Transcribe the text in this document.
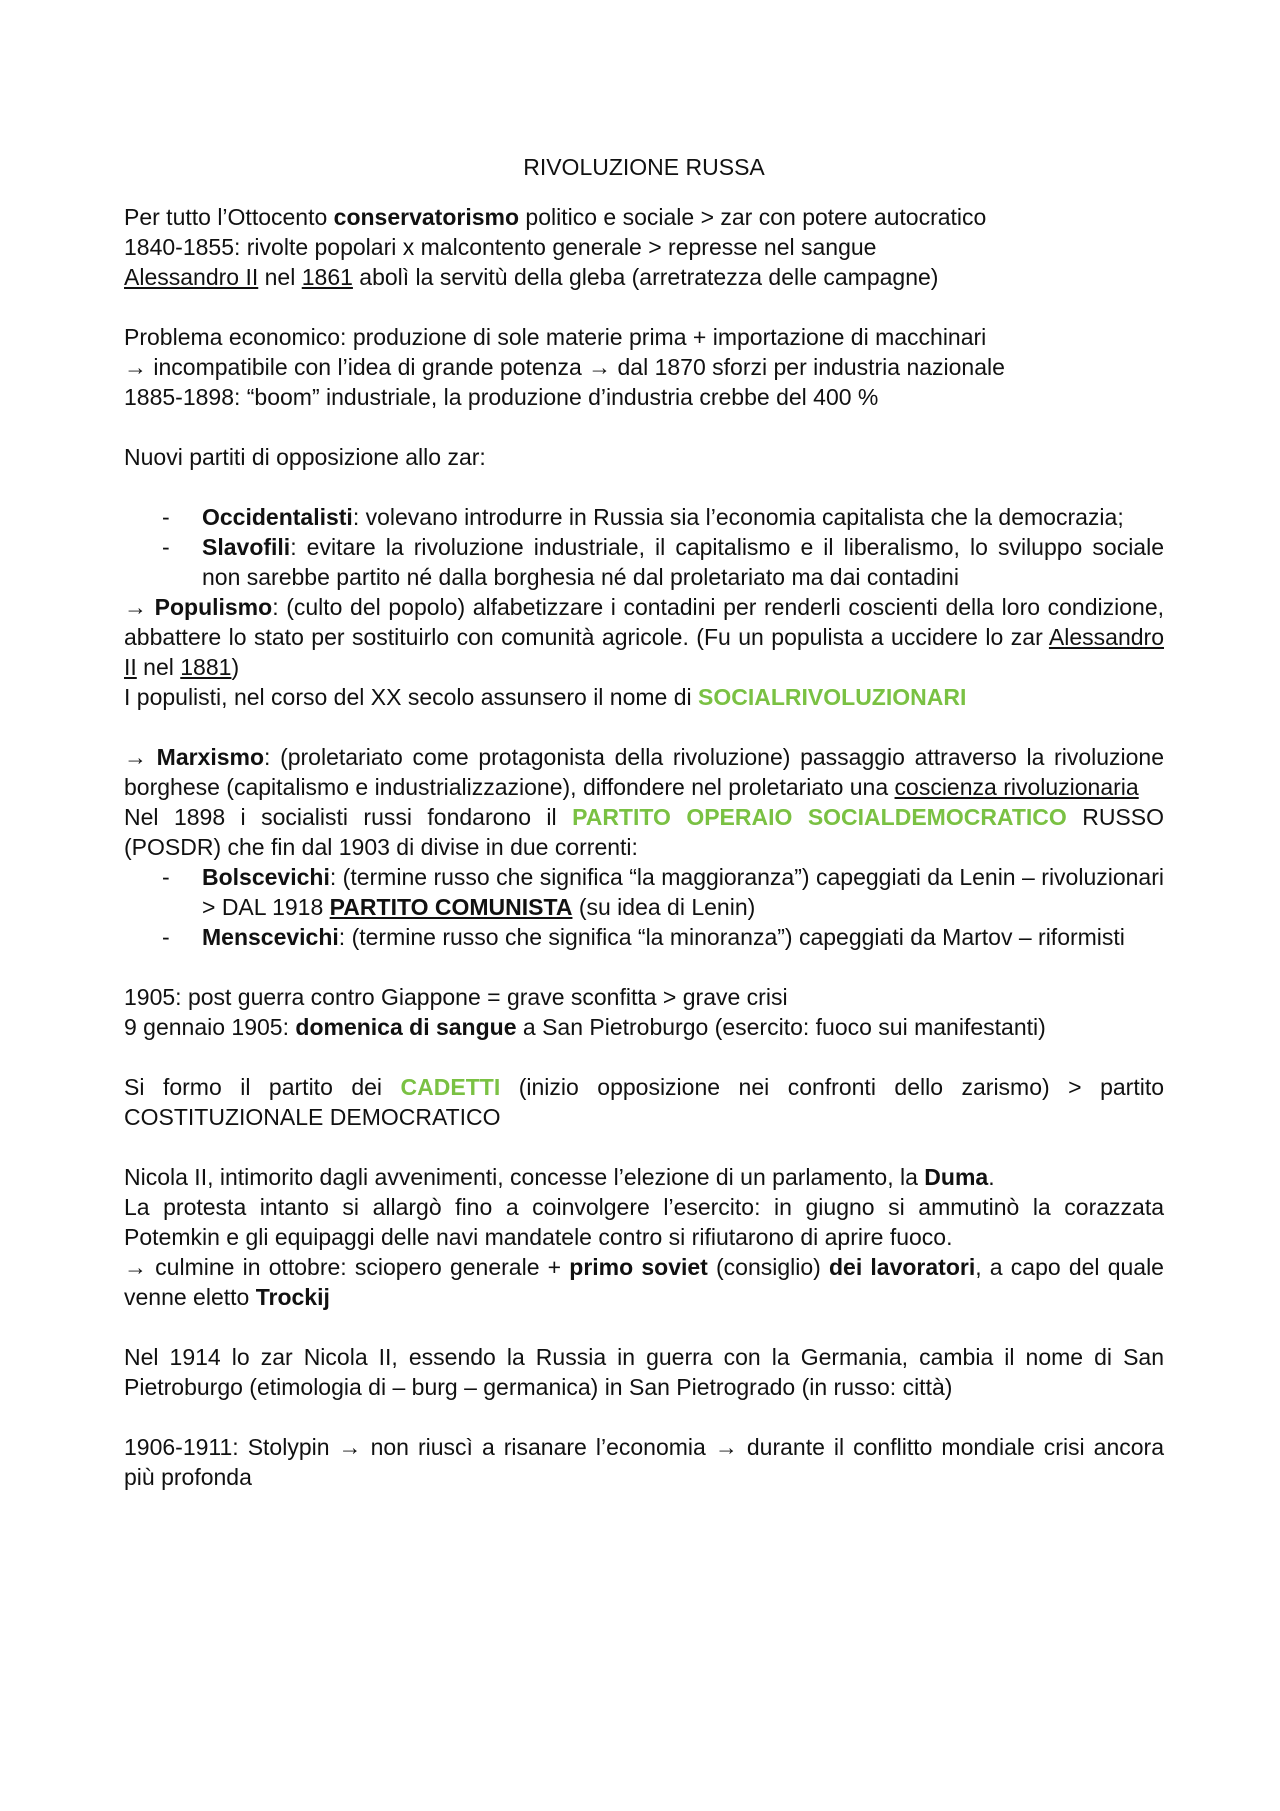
RIVOLUZIONE RUSSA

Per tutto l’Ottocento conservatorismo politico e sociale > zar con potere autocratico

1840-1855: rivolte popolari x malcontento generale > represse nel sangue

Alessandro II nel 1861 abolì la servitù della gleba (arretratezza delle campagne)

Problema economico: produzione di sole materie prima + importazione di macchinari

→ incompatibile con l’idea di grande potenza → dal 1870 sforzi per industria nazionale

1885-1898: “boom” industriale, la produzione d’industria crebbe del 400 %

Nuovi partiti di opposizione allo zar:

- Occidentalisti: volevano introdurre in Russia sia l’economia capitalista che la democrazia;
- Slavofili: evitare la rivoluzione industriale, il capitalismo e il liberalismo, lo sviluppo sociale non sarebbe partito né dalla borghesia né dal proletariato ma dai contadini

→ Populismo: (culto del popolo) alfabetizzare i contadini per renderli coscienti della loro condizione, abbattere lo stato per sostituirlo con comunità agricole. (Fu un populista a uccidere lo zar Alessandro II nel 1881)

I populisti, nel corso del XX secolo assunsero il nome di SOCIALRIVOLUZIONARI

→ Marxismo: (proletariato come protagonista della rivoluzione) passaggio attraverso la rivoluzione borghese (capitalismo e industrializzazione), diffondere nel proletariato una coscienza rivoluzionaria

Nel 1898 i socialisti russi fondarono il PARTITO OPERAIO SOCIALDEMOCRATICO RUSSO (POSDR) che fin dal 1903 di divise in due correnti:

- Bolscevichi: (termine russo che significa “la maggioranza”) capeggiati da Lenin – rivoluzionari > DAL 1918 PARTITO COMUNISTA (su idea di Lenin)
- Menscevichi: (termine russo che significa “la minoranza”) capeggiati da Martov – riformisti

1905: post guerra contro Giappone = grave sconfitta > grave crisi

9 gennaio 1905: domenica di sangue a San Pietroburgo (esercito: fuoco sui manifestanti)

Si formo il partito dei CADETTI (inizio opposizione nei confronti dello zarismo) > partito COSTITUZIONALE DEMOCRATICO

Nicola II, intimorito dagli avvenimenti, concesse l’elezione di un parlamento, la Duma.

La protesta intanto si allargò fino a coinvolgere l’esercito: in giugno si ammutinò la corazzata Potemkin e gli equipaggi delle navi mandatele contro si rifiutarono di aprire fuoco.

→ culmine in ottobre: sciopero generale + primo soviet (consiglio) dei lavoratori, a capo del quale venne eletto Trockij

Nel 1914 lo zar Nicola II, essendo la Russia in guerra con la Germania, cambia il nome di San Pietroburgo (etimologia di – burg – germanica) in San Pietrogrado (in russo: città)

1906-1911: Stolypin → non riuscì a risanare l’economia → durante il conflitto mondiale crisi ancora più profonda
